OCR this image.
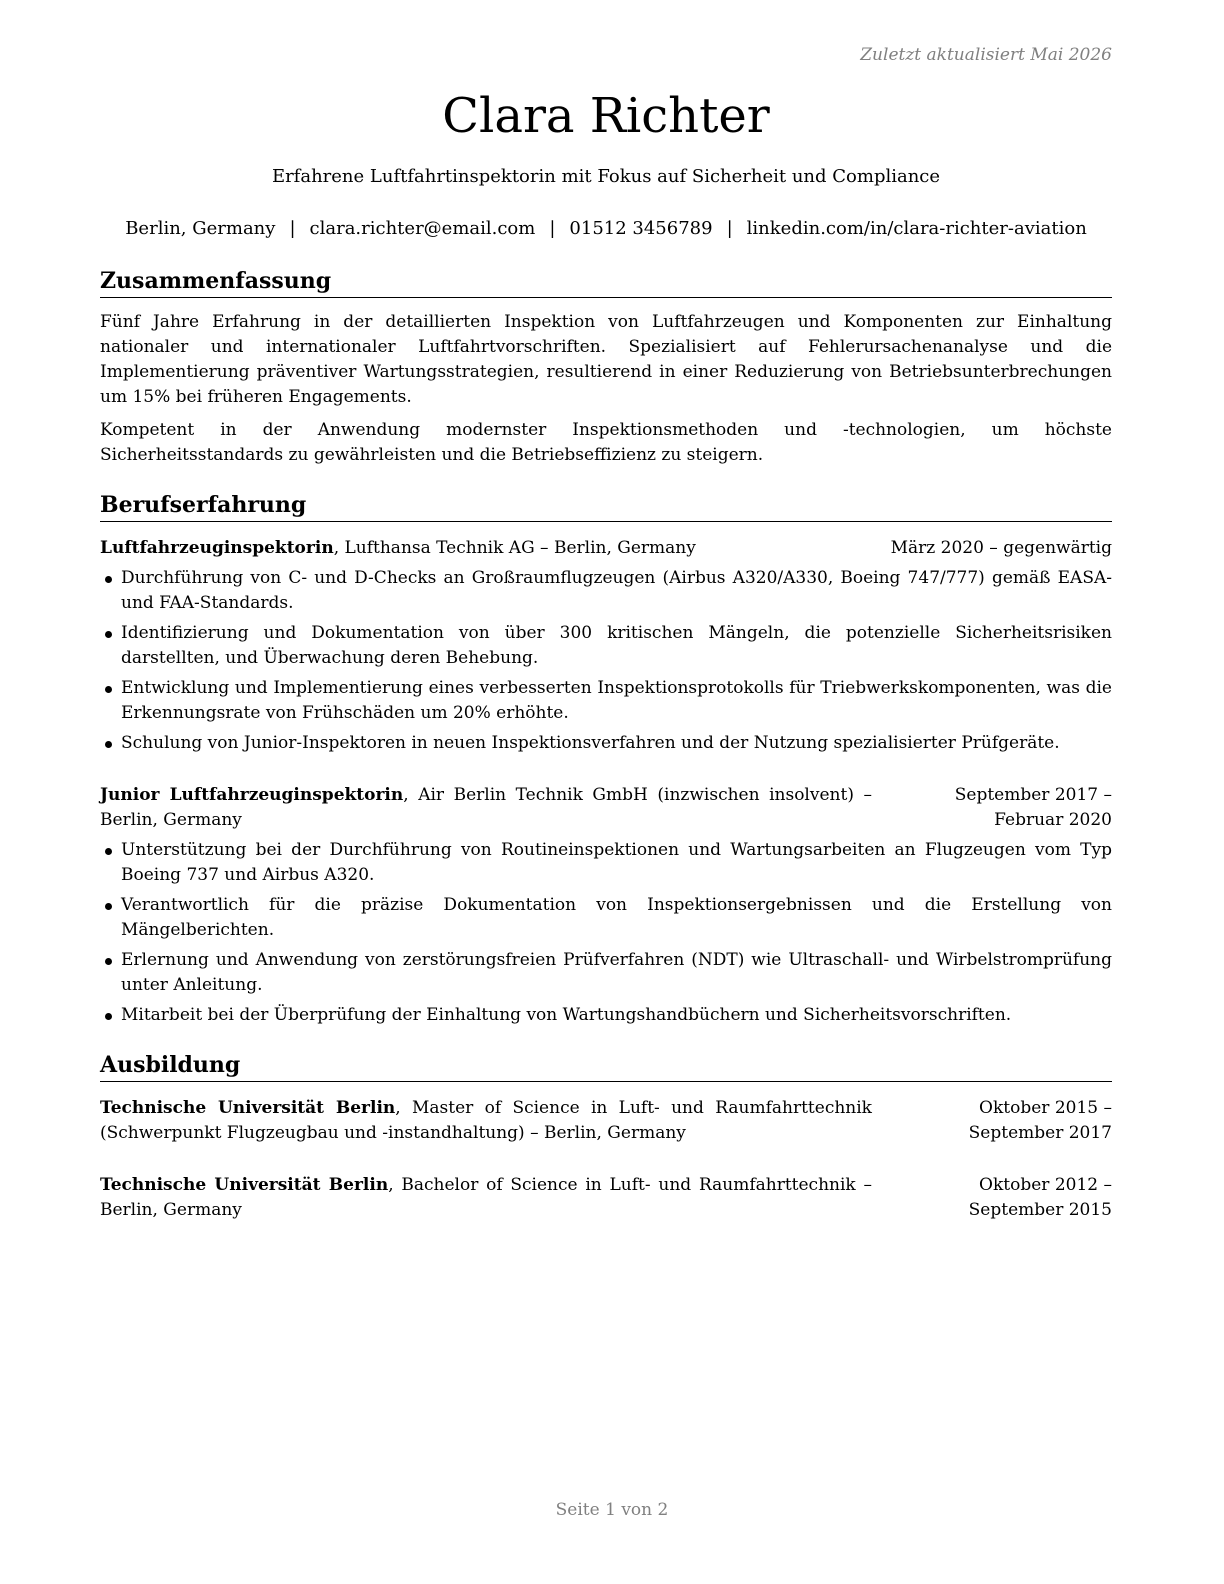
Zuletzt aktualisiert Mai 2026
Clara Richter
Erfahrene Luftfahrtinspektorin mit Fokus auf Sicherheit und Compliance
Berlin, Germany | clara.richter@email.com | 01512 3456789 | linkedin.com/in/clara-richter-aviation
Zusammenfassung

Fünf Jahre Erfahrung in der detaillierten Inspektion von Luftfahrzeugen und Komponenten zur Einhaltung nationaler und internationaler Luftfahrtvorschriften. Spezialisiert auf Fehlerursachenanalyse und die Implementierung präventiver Wartungsstrategien, resultierend in einer Reduzierung von Betriebsunterbrechungen um 15% bei früheren Engagements.

Kompetent in der Anwendung modernster Inspektionsmethoden und -technologien, um höchste Sicherheitsstandards zu gewährleisten und die Betriebseffizienz zu steigern.

Berufserfahrung
Luftfahrzeuginspektorin, Lufthansa Technik AG – Berlin, Germany	März 2020 – gegenwärtig
Durchführung von C- und D-Checks an Großraumflugzeugen (Airbus A320/A330, Boeing 747/777) gemäß EASA- und FAA-Standards.
Identifizierung und Dokumentation von über 300 kritischen Mängeln, die potenzielle Sicherheitsrisiken darstellten, und Überwachung deren Behebung.
Entwicklung und Implementierung eines verbesserten Inspektionsprotokolls für Triebwerkskomponenten, was die Erkennungsrate von Frühschäden um 20% erhöhte.
Schulung von Junior-Inspektoren in neuen Inspektionsverfahren und der Nutzung spezialisierter Prüfgeräte.
Junior Luftfahrzeuginspektorin, Air Berlin Technik GmbH (inzwischen insolvent) – Berlin, Germany
September 2017 – Februar 2020
Unterstützung bei der Durchführung von Routineinspektionen und Wartungsarbeiten an Flugzeugen vom Typ Boeing 737 und Airbus A320.
Verantwortlich für die präzise Dokumentation von Inspektionsergebnissen und die Erstellung von Mängelberichten.
Erlernung und Anwendung von zerstörungsfreien Prüfverfahren (NDT) wie Ultraschall- und Wirbelstromprüfung unter Anleitung.
Mitarbeit bei der Überprüfung der Einhaltung von Wartungshandbüchern und Sicherheitsvorschriften.
Ausbildung
Technische Universität Berlin, Master of Science in Luft- und Raumfahrttechnik (Schwerpunkt Flugzeugbau und -instandhaltung) – Berlin, Germany
Oktober 2015 – September 2017
Technische Universität Berlin, Bachelor of Science in Luft- und Raumfahrttechnik – Berlin, Germany
Oktober 2012 – September 2015
Seite 1 von 2
